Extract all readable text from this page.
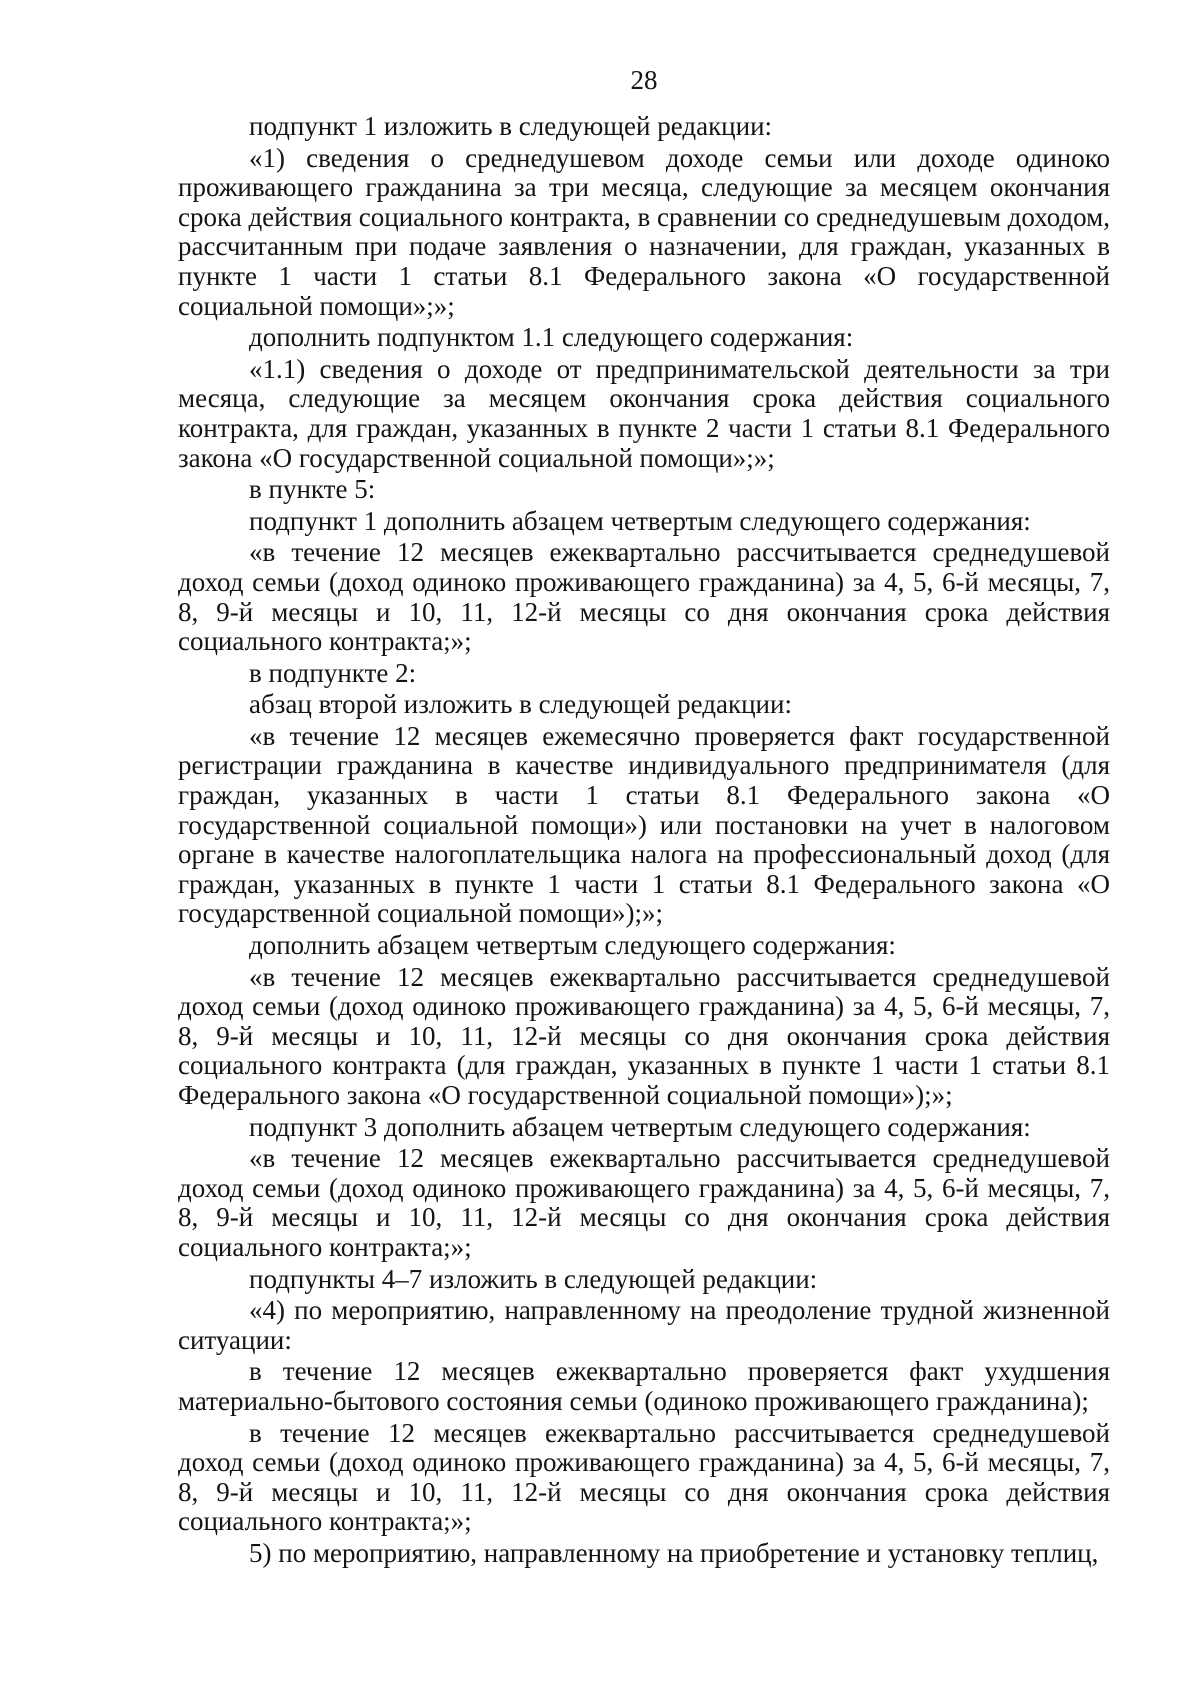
28

подпункт 1 изложить в следующей редакции:

«1) сведения о среднедушевом доходе семьи или доходе одиноко проживающего гражданина за три месяца, следующие за месяцем окончания срока действия социального контракта, в сравнении со среднедушевым доходом, рассчитанным при подаче заявления о назначении, для граждан, указанных в пункте 1 части 1 статьи 8.1 Федерального закона «О государственной социальной помощи»;»;

дополнить подпунктом 1.1 следующего содержания:

«1.1) сведения о доходе от предпринимательской деятельности за три месяца, следующие за месяцем окончания срока действия социального контракта, для граждан, указанных в пункте 2 части 1 статьи 8.1 Федерального закона «О государственной социальной помощи»;»;

в пункте 5:

подпункт 1 дополнить абзацем четвертым следующего содержания:

«в течение 12 месяцев ежеквартально рассчитывается среднедушевой доход семьи (доход одиноко проживающего гражданина) за 4, 5, 6-й месяцы, 7, 8, 9-й месяцы и 10, 11, 12-й месяцы со дня окончания срока действия социального контракта;»;

в подпункте 2:

абзац второй изложить в следующей редакции:

«в течение 12 месяцев ежемесячно проверяется факт государственной регистрации гражданина в качестве индивидуального предпринимателя (для граждан, указанных в части 1 статьи 8.1 Федерального закона «О государственной социальной помощи») или постановки на учет в налоговом органе в качестве налогоплательщика налога на профессиональный доход (для граждан, указанных в пункте 1 части 1 статьи 8.1 Федерального закона «О государственной социальной помощи»);»;

дополнить абзацем четвертым следующего содержания:

«в течение 12 месяцев ежеквартально рассчитывается среднедушевой доход семьи (доход одиноко проживающего гражданина) за 4, 5, 6-й месяцы, 7, 8, 9-й месяцы и 10, 11, 12-й месяцы со дня окончания срока действия социального контракта (для граждан, указанных в пункте 1 части 1 статьи 8.1 Федерального закона «О государственной социальной помощи»);»;

подпункт 3 дополнить абзацем четвертым следующего содержания:

«в течение 12 месяцев ежеквартально рассчитывается среднедушевой доход семьи (доход одиноко проживающего гражданина) за 4, 5, 6-й месяцы, 7, 8, 9-й месяцы и 10, 11, 12-й месяцы со дня окончания срока действия социального контракта;»;

подпункты 4–7 изложить в следующей редакции:

«4) по мероприятию, направленному на преодоление трудной жизненной ситуации:

в течение 12 месяцев ежеквартально проверяется факт ухудшения материально-бытового состояния семьи (одиноко проживающего гражданина);

в течение 12 месяцев ежеквартально рассчитывается среднедушевой доход семьи (доход одиноко проживающего гражданина) за 4, 5, 6-й месяцы, 7, 8, 9-й месяцы и 10, 11, 12-й месяцы со дня окончания срока действия социального контракта;»;

5) по мероприятию, направленному на приобретение и установку теплиц,
